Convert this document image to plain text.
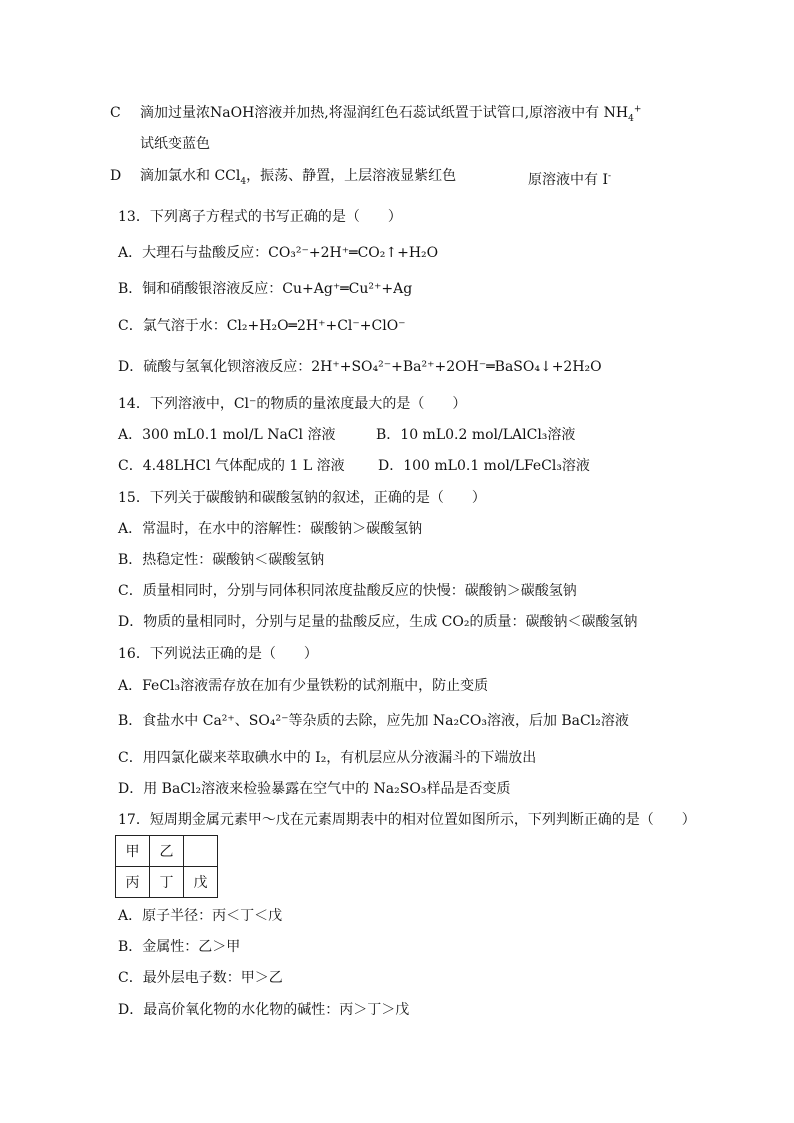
C 滴加过量浓NaOH溶液并加热,将湿润红色石蕊试纸置于试管口,原溶液中有 $NH_4^+$
试纸变蓝色
D 滴加氯水和 CCl$_4$，振荡、静置，上层溶液显紫红色	原溶液中有 I-
13．下列离子方程式的书写正确的是（　　）
A．大理石与盐酸反应：CO₃²⁻+2H⁺═CO₂↑+H₂O
B．铜和硝酸银溶液反应：Cu+Ag⁺═Cu²⁺+Ag
C．氯气溶于水：Cl₂+H₂O═2H⁺+Cl⁻+ClO⁻
D．硫酸与氢氧化钡溶液反应：2H⁺+SO₄²⁻+Ba²⁺+2OH⁻═BaSO₄↓+2H₂O
14．下列溶液中，Cl⁻的物质的量浓度最大的是（　　）
A．300 mL0.1 mol/L NaCl 溶液	B．10 mL0.2 mol/LAlCl₃溶液
C．4.48LHCl 气体配成的 1 L 溶液 D．100 mL0.1 mol/LFeCl₃溶液
15．下列关于碳酸钠和碳酸氢钠的叙述，正确的是（　　）
A．常温时，在水中的溶解性：碳酸钠＞碳酸氢钠
B．热稳定性：碳酸钠＜碳酸氢钠
C．质量相同时，分别与同体积同浓度盐酸反应的快慢：碳酸钠＞碳酸氢钠
D．物质的量相同时，分别与足量的盐酸反应，生成 CO₂的质量：碳酸钠＜碳酸氢钠
16．下列说法正确的是（　　）
A．FeCl₃溶液需存放在加有少量铁粉的试剂瓶中，防止变质
B．食盐水中 Ca²⁺、SO₄²⁻等杂质的去除，应先加 Na₂CO₃溶液，后加 BaCl₂溶液
C．用四氯化碳来萃取碘水中的 I₂，有机层应从分液漏斗的下端放出
D．用 BaCl₂溶液来检验暴露在空气中的 Na₂SO₃样品是否变质
17．短周期金属元素甲～戊在元素周期表中的相对位置如图所示，下列判断正确的是（　　）
甲	乙	
丙	丁	戊
A．原子半径：丙＜丁＜戊
B．金属性：乙＞甲
C．最外层电子数：甲＞乙
D．最高价氧化物的水化物的碱性：丙＞丁＞戊
